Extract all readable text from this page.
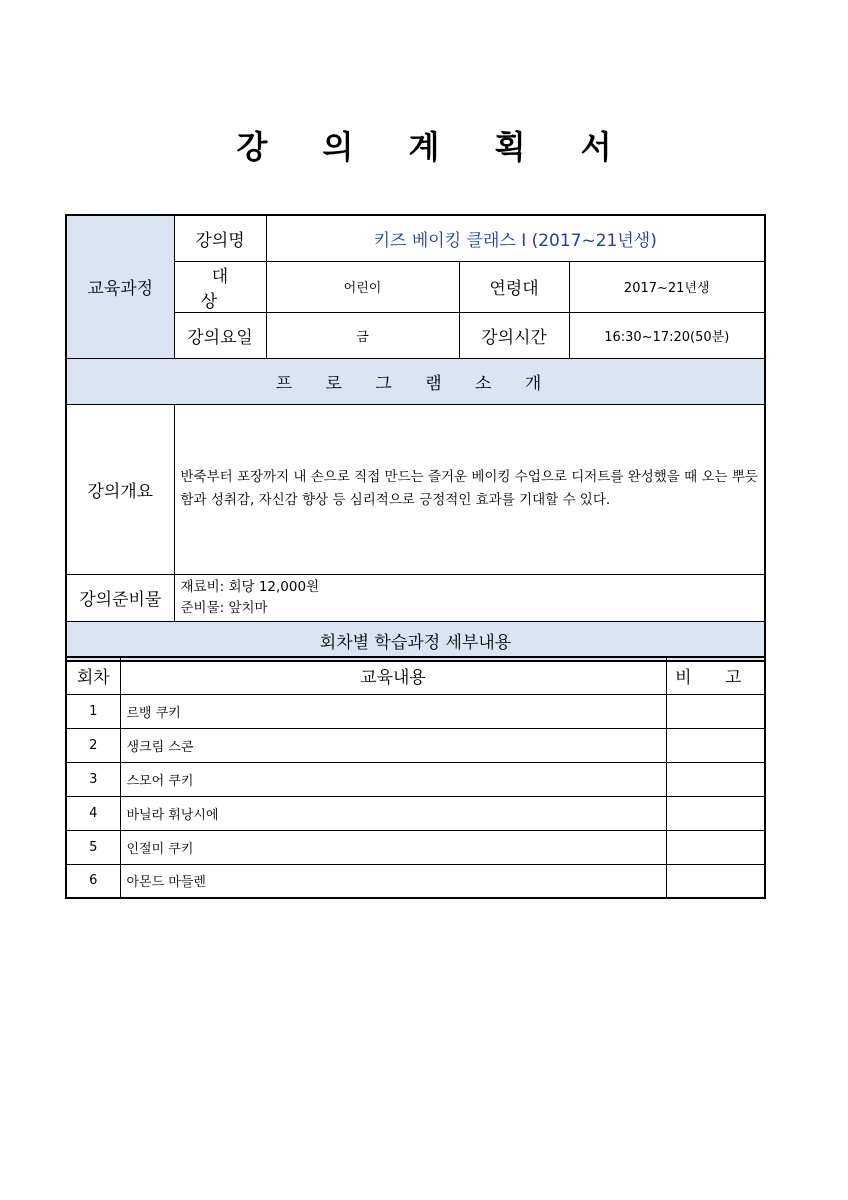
강 의 계 획 서
교육과정	강의명	키즈 베이킹 클래스 I (2017~21년생)		
	대 상	어린이	연령대	2017~21년생
	강의요일	금	강의시간	16:30~17:20(50분)
프 로 그 램 소 개				
강의개요	반죽부터 포장까지 내 손으로 직접 만드는 즐거운 베이킹 수업으로 디저트를 완성했을 때 오는 뿌듯함과 성취감, 자신감 향상 등 심리적으로 긍정적인 효과를 기대할 수 있다.			
강의준비물	재료비: 회당 12,000원
준비물: 앞치마			

회차별 학습과정 세부내용				
회차	교육내용	비 고
1	르뱅 쿠키	
2	생크림 스콘	
3	스모어 쿠키	
4	바닐라 휘낭시에	
5	인절미 쿠키	
6	아몬드 마들렌	
